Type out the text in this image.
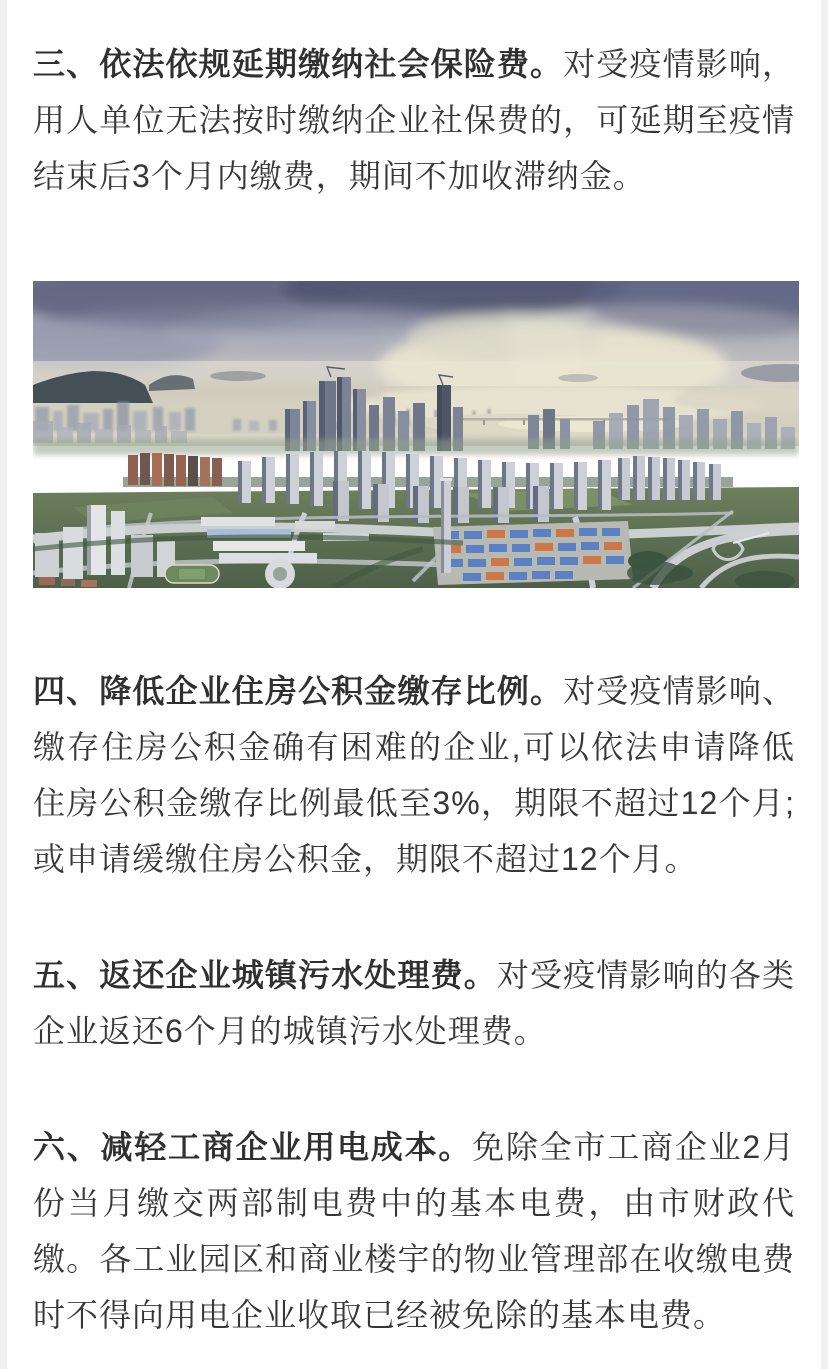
三、依法依规延期缴纳社会保险费。对受疫情影响，用人单位无法按时缴纳企业社保费的，可延期至疫情结束后3个月内缴费，期间不加收滞纳金。

四、降低企业住房公积金缴存比例。对受疫情影响、缴存住房公积金确有困难的企业,可以依法申请降低住房公积金缴存比例最低至3%，期限不超过12个月;或申请缓缴住房公积金，期限不超过12个月。

五、返还企业城镇污水处理费。对受疫情影响的各类企业返还6个月的城镇污水处理费。

六、减轻工商企业用电成本。免除全市工商企业2月份当月缴交两部制电费中的基本电费，由市财政代缴。各工业园区和商业楼宇的物业管理部在收缴电费时不得向用电企业收取已经被免除的基本电费。
